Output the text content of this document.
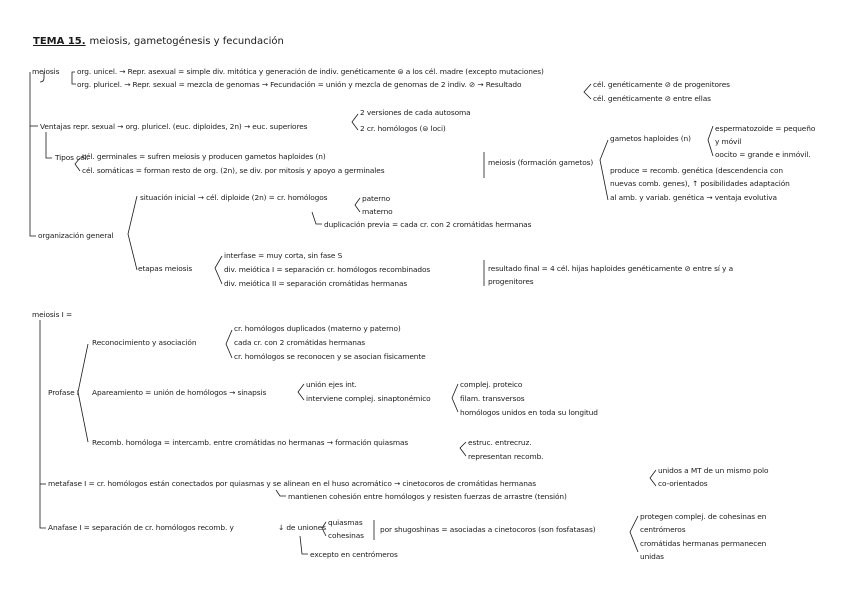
TEMA 15. meiosis, gametogénesis y fecundación
meiosis org. unicel. → Repr. asexual = simple div. mitótica y generación de indiv. genéticamente ⊜ a los cél. madre (excepto mutaciones)
org. pluricel. → Repr. sexual = mezcla de genomas → Fecundación = unión y mezcla de genomas de 2 indiv. ⊘ → Resultado	cél. genéticamente ⊘ de progenitores
cél. genéticamente ⊘ entre ellas
Ventajas repr. sexual → org. pluricel. (euc. diploides, 2n) → euc. superiores
2 versiones de cada autosoma
2 cr. homólogos (⊜ loci)
Tipos cél.
cél. germinales = sufren meiosis y producen gametos haploides (n)
cél. somáticas = forman resto de org. (2n), se div. por mitosis y apoyo a germinales
meiosis (formación gametos)
gametos haploides (n)
espermatozoide = pequeño
y móvil
oocito = grande e inmóvil.
produce = recomb. genética (descendencia con
nuevas comb. genes), ↑ posibilidades adaptación
al amb. y variab. genética → ventaja evolutiva
organización general
situación inicial → cél. diploide (2n) = cr. homólogos	paterno
materno
duplicación previa = cada cr. con 2 cromátidas hermanas
etapas meiosis
interfase = muy corta, sin fase S
div. meiótica I = separación cr. homólogos recombinados
div. meiótica II = separación cromátidas hermanas
resultado final = 4 cél. hijas haploides genéticamente ⊘ entre sí y a
progenitores
meiosis I =
Profase I
Reconocimiento y asociación
cr. homólogos duplicados (materno y paterno)
cada cr. con 2 cromátidas hermanas
cr. homólogos se reconocen y se asocian físicamente
Apareamiento = unión de homólogos → sinapsis
unión ejes int.
interviene complej. sinaptonémico
complej. proteico
filam. transversos
homólogos unidos en toda su longitud
Recomb. homóloga = intercamb. entre cromátidas no hermanas → formación quiasmas	estruc. entrecruz.
representan recomb.
metafase I = cr. homólogos están conectados por quiasmas y se alinean en el huso acromático → cinetocoros de cromátidas hermanas
unidos a MT de un mismo polo
co-orientados
mantienen cohesión entre homólogos y resisten fuerzas de arrastre (tensión)
Anafase I = separación de cr. homólogos recomb. y	↓ de uniones
quiasmas
cohesinas
por shugoshinas = asociadas a cinetocoros (son fosfatasas)
protegen complej. de cohesinas en
centrómeros
cromátidas hermanas permanecen
unidas
excepto en centrómeros
